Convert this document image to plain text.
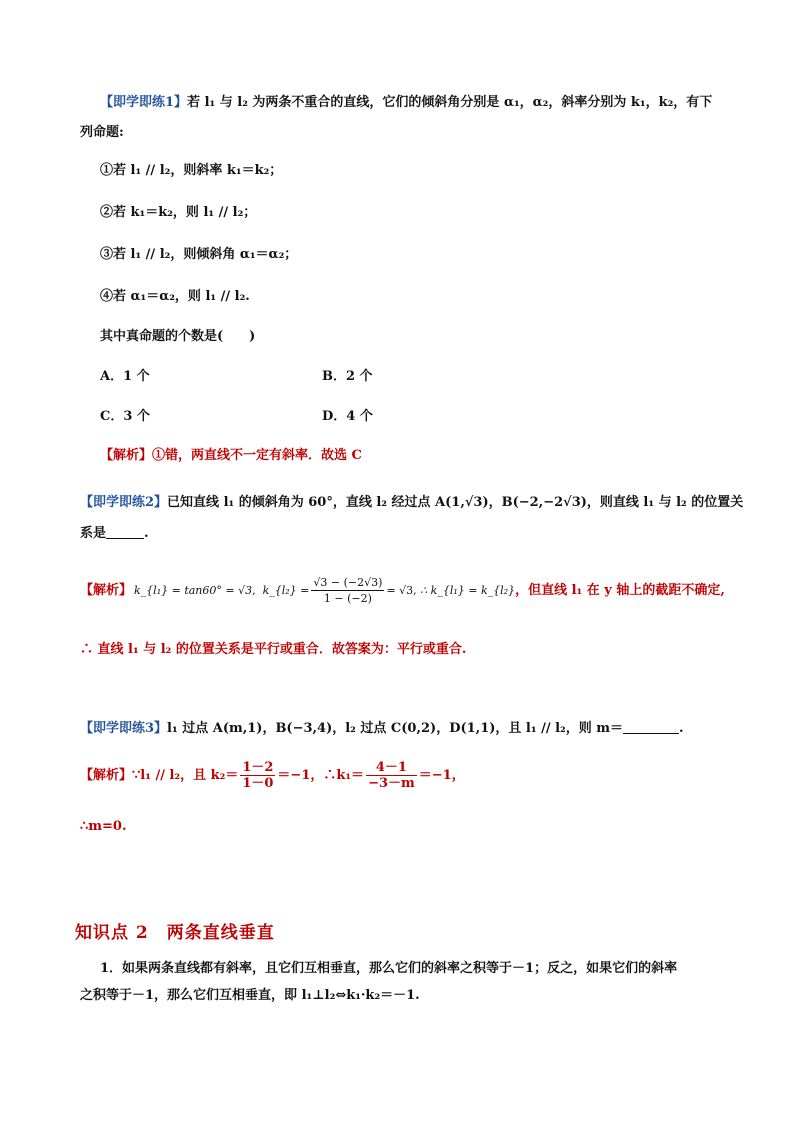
【即学即练1】若 l₁ 与 l₂ 为两条不重合的直线，它们的倾斜角分别是 α₁，α₂，斜率分别为 k₁，k₂，有下
列命题:
①若 l₁ // l₂，则斜率 k₁＝k₂；
②若 k₁＝k₂，则 l₁ // l₂；
③若 l₁ // l₂，则倾斜角 α₁＝α₂；
④若 α₁＝α₂，则 l₁ // l₂.
其中真命题的个数是(　　)
A．1 个	B．2 个
C．3 个	D．4 个
【解析】①错，两直线不一定有斜率．故选 C
【即学即练2】已知直线 l₁ 的倾斜角为 60°，直线 l₂ 经过点 A(1,√3)，B(−2,−2√3)，则直线 l₁ 与 l₂ 的位置关
系是	.
【解析】 k_{l₁} = tan60° = √3 , k_{l₂} = $\frac{√3 - (-2√3)}{1 - (-2)} = √3$ , ∴ k_{l₁} = k_{l₂} ，但直线 l₁ 在 y 轴上的截距不确定,
∴ 直线 l₁ 与 l₂ 的位置关系是平行或重合．故答案为：平行或重合.
【即学即练3】l₁ 过点 A(m,1)，B(−3,4)，l₂ 过点 C(0,2)，D(1,1)，且 l₁ // l₂，则 m＝	.
【解析】 ∵l₁ // l₂，且 $k_2= \frac{1-2}{1-0} =-1$，∴k₁＝ $\frac{4-1}{-3-m} =-1$，
∴m=0.
知识点 2　两条直线垂直
1．如果两条直线都有斜率，且它们互相垂直，那么它们的斜率之积等于－1；反之，如果它们的斜率
之积等于－1，那么它们互相垂直，即 l₁⊥l₂⇔k₁·k₂＝－1.
